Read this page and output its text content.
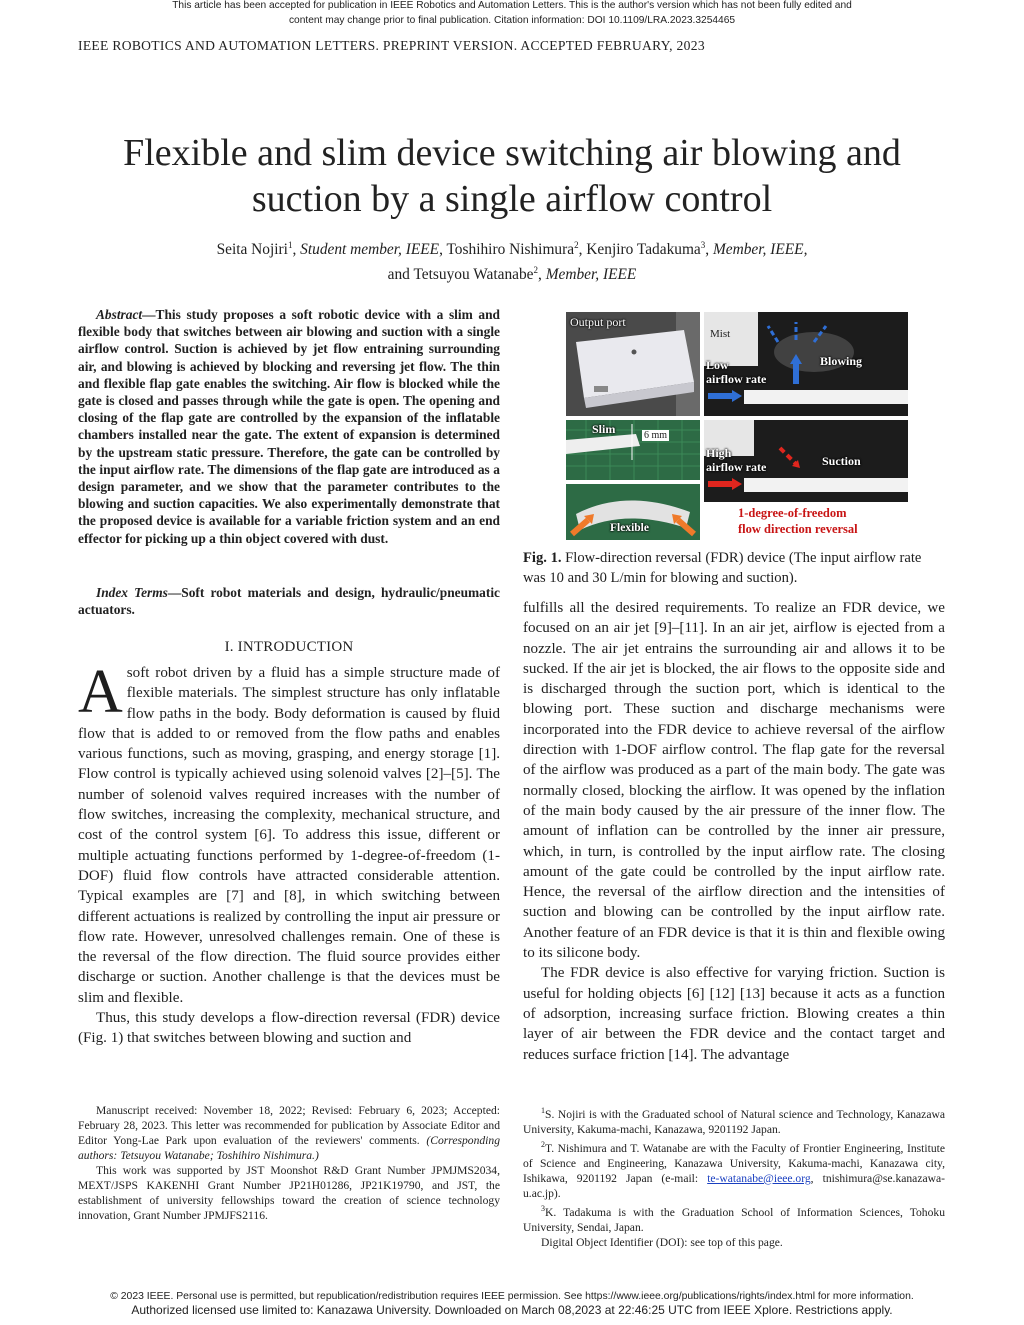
This article has been accepted for publication in IEEE Robotics and Automation Letters. This is the author's version which has not been fully edited and
content may change prior to final publication. Citation information: DOI 10.1109/LRA.2023.3254465
IEEE ROBOTICS AND AUTOMATION LETTERS. PREPRINT VERSION. ACCEPTED FEBRUARY, 2023
Flexible and slim device switching air blowing and
suction by a single airflow control
Seita Nojiri$^1$, Student member, IEEE, Toshihiro Nishimura$^2$, Kenjiro Tadakuma$^3$, Member, IEEE,
and Tetsuyou Watanabe$^2$, Member, IEEE
Abstract—This study proposes a soft robotic device with a slim and flexible body that switches between air blowing and suction with a single airflow control. Suction is achieved by jet flow entraining surrounding air, and blowing is achieved by blocking and reversing jet flow. The thin and flexible flap gate enables the switching. Air flow is blocked while the gate is closed and passes through while the gate is open. The opening and closing of the flap gate are controlled by the expansion of the inflatable chambers installed near the gate. The extent of expansion is determined by the upstream static pressure. Therefore, the gate can be controlled by the input airflow rate. The dimensions of the flap gate are introduced as a design parameter, and we show that the parameter contributes to the blowing and suction capacities. We also experimentally demonstrate that the proposed device is available for a variable friction system and an end effector for picking up a thin object covered with dust.
Index Terms—Soft robot materials and design, hydraulic/pneumatic actuators.
I. INTRODUCTION

Asoft robot driven by a fluid has a simple structure made of flexible materials. The simplest structure has only inflatable flow paths in the body. Body deformation is caused by fluid flow that is added to or removed from the flow paths and enables various functions, such as moving, grasping, and energy storage [1]. Flow control is typically achieved using solenoid valves [2]–[5]. The number of solenoid valves required increases with the number of flow switches, increasing the complexity, mechanical structure, and cost of the control system [6]. To address this issue, different or multiple actuating functions performed by 1-degree-of-freedom (1-DOF) fluid flow controls have attracted considerable attention. Typical examples are [7] and [8], in which switching between different actuations is realized by controlling the input air pressure or flow rate. However, unresolved challenges remain. One of these is the reversal of the flow direction. The fluid source provides either discharge or suction. Another challenge is that the devices must be slim and flexible.

Thus, this study develops a flow-direction reversal (FDR) device (Fig. 1) that switches between blowing and suction and

Output port
Mist
Blowing
Low
airflow rate
Slim	6 mm
High
airflow rate	Suction
Flexible
1-degree-of-freedom
flow direction reversal
Fig. 1. Flow-direction reversal (FDR) device (The input airflow rate was 10 and 30 L/min for blowing and suction).

fulfills all the desired requirements. To realize an FDR device, we focused on an air jet [9]–[11]. In an air jet, airflow is ejected from a nozzle. The air jet entrains the surrounding air and allows it to be sucked. If the air jet is blocked, the air flows to the opposite side and is discharged through the suction port, which is identical to the blowing port. These suction and discharge mechanisms were incorporated into the FDR device to achieve reversal of the airflow direction with 1-DOF airflow control. The flap gate for the reversal of the airflow was produced as a part of the main body. The gate was normally closed, blocking the airflow. It was opened by the inflation of the main body caused by the air pressure of the inner flow. The amount of inflation can be controlled by the inner air pressure, which, in turn, is controlled by the input airflow rate. The closing amount of the gate could be controlled by the input airflow rate. Hence, the reversal of the airflow direction and the intensities of suction and blowing can be controlled by the input airflow rate. Another feature of an FDR device is that it is thin and flexible owing to its silicone body.

The FDR device is also effective for varying friction. Suction is useful for holding objects [6] [12] [13] because it acts as a function of adsorption, increasing surface friction. Blowing creates a thin layer of air between the FDR device and the contact target and reduces surface friction [14]. The advantage

Manuscript received: November 18, 2022; Revised: February 6, 2023; Accepted: February 28, 2023. This letter was recommended for publication by Associate Editor and Editor Yong-Lae Park upon evaluation of the reviewers' comments. (Corresponding authors: Tetsuyou Watanabe; Toshihiro Nishimura.)

This work was supported by JST Moonshot R&D Grant Number JPMJMS2034, MEXT/JSPS KAKENHI Grant Number JP21H01286, JP21K19790, and JST, the establishment of university fellowships toward the creation of science technology innovation, Grant Number JPMJFS2116.

$^1$S. Nojiri is with the Graduated school of Natural science and Technology, Kanazawa University, Kakuma-machi, Kanazawa, 9201192 Japan.

$^2$T. Nishimura and T. Watanabe are with the Faculty of Frontier Engineering, Institute of Science and Engineering, Kanazawa University, Kakuma-machi, Kanazawa city, Ishikawa, 9201192 Japan (e-mail: te-watanabe@ieee.org, tnishimura@se.kanazawa-u.ac.jp).

$^3$K. Tadakuma is with the Graduation School of Information Sciences, Tohoku University, Sendai, Japan.

Digital Object Identifier (DOI): see top of this page.

© 2023 IEEE. Personal use is permitted, but republication/redistribution requires IEEE permission. See https://www.ieee.org/publications/rights/index.html for more information.
Authorized licensed use limited to: Kanazawa University. Downloaded on March 08,2023 at 22:46:25 UTC from IEEE Xplore. Restrictions apply.
